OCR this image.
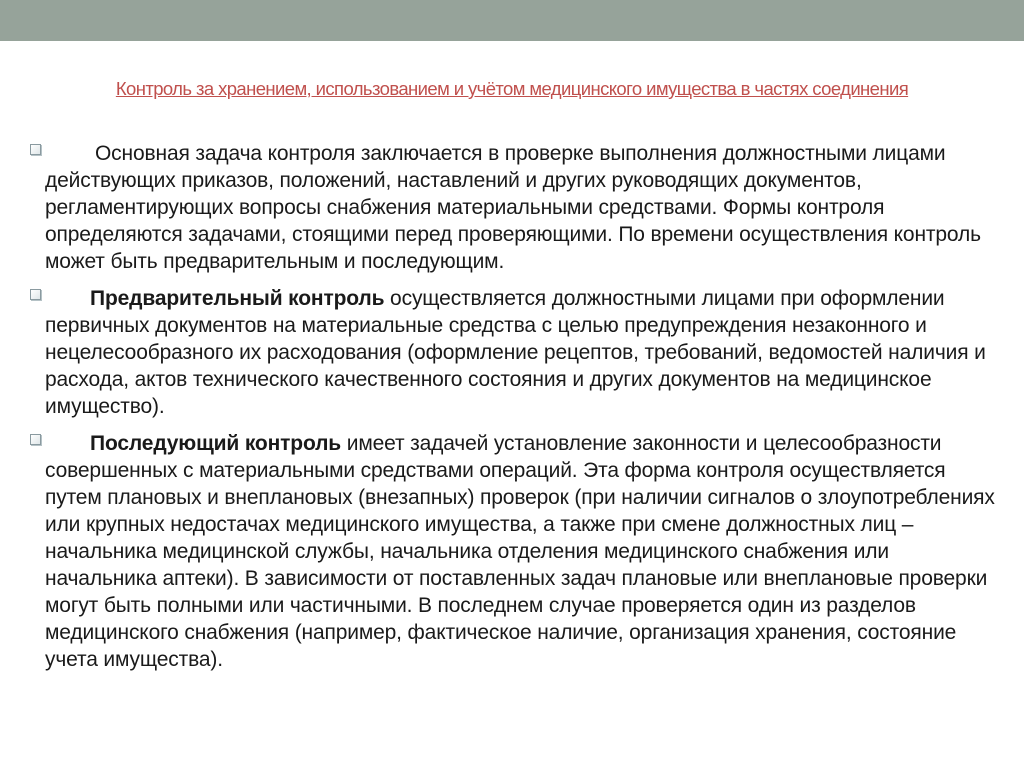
Контроль за хранением, использованием и учётом медицинского имущества в частях соединения
Основная задача контроля заключается в проверке выполнения должностными лицами действующих приказов, положений, наставлений и других руководящих документов, регламентирующих вопросы снабжения материальными средствами. Формы контроля определяются задачами, стоящими перед проверяющими. По времени осуществления контроль может быть предварительным и последующим.
Предварительный контроль осуществляется должностными лицами при оформлении первичных документов на материальные средства с целью предупреждения незаконного и нецелесообразного их расходования (оформление рецептов, требований, ведомостей наличия и расхода, актов технического качественного состояния и других документов на медицинское имущество).
Последующий контроль имеет задачей установление законности и целесообразности совершенных с материальными средствами операций. Эта форма контроля осуществляется путем плановых и внеплановых (внезапных) проверок (при наличии сигналов о злоупотреблениях или крупных недостачах медицинского имущества, а также при смене должностных лиц – начальника медицинской службы, начальника отделения медицинского снабжения или начальника аптеки). В зависимости от поставленных задач плановые или внеплановые проверки могут быть полными или частичными. В последнем случае проверяется один из разделов медицинского снабжения (например, фактическое наличие, организация хранения, состояние учета имущества).
